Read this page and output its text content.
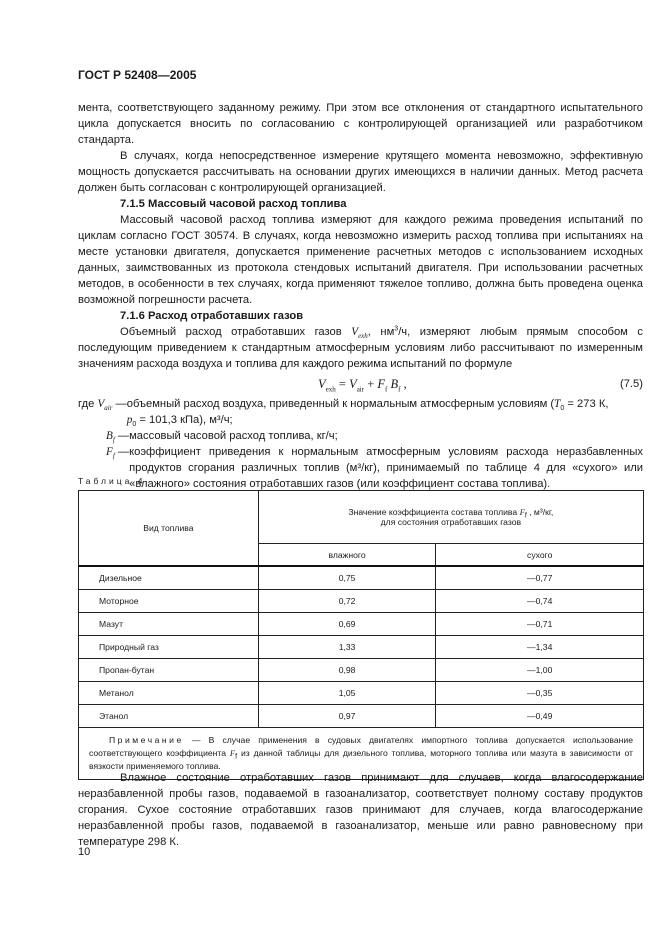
ГОСТ Р 52408—2005

мента, соответствующего заданному режиму. При этом все отклонения от стандартного испытательного цикла допускается вносить по согласованию с контролирующей организацией или разработчиком стандарта.

В случаях, когда непосредственное измерение крутящего момента невозможно, эффективную мощность допускается рассчитывать на основании других имеющихся в наличии данных. Метод расчета должен быть согласован с контролирующей организацией.

7.1.5 Массовый часовой расход топлива

Массовый часовой расход топлива измеряют для каждого режима проведения испытаний по циклам согласно ГОСТ 30574. В случаях, когда невозможно измерить расход топлива при испытаниях на месте установки двигателя, допускается применение расчетных методов с использованием исходных данных, заимствованных из протокола стендовых испытаний двигателя. При использовании расчетных методов, в особенности в тех случаях, когда применяют тяжелое топливо, должна быть проведена оценка возможной погрешности расчета.

7.1.6 Расход отработавших газов

Объемный расход отработавших газов $V_{exh}$, $нм^3/ч$, измеряют любым прямым способом с последующим приведением к стандартным атмосферным условиям либо рассчитывают по измеренным значениям расхода воздуха и топлива для каждого режима испытаний по формуле

$V_{exh} = V_{air} + F_f$ $B_f$ ,	(7.5)
где $V_{air}$ — объемный расход воздуха, приведенный к нормальным атмосферным условиям ($T_0 = 273$ К,
$p_0 = 101,3$ кПа), м³/ч;
$B_f$ — массовый часовой расход топлива, кг/ч;
$F_f$ — коэффициент приведения к нормальным атмосферным условиям расхода неразбавленных продуктов сгорания различных топлив (м³/кг), принимаемый по таблице 4 для «сухого» или «влажного» состояния отработавших газов (или коэффициент состава топлива).
Таблица 4
Вид топлива	Значение коэффициента состава топлива $F_f$ , м³/кг,
для состояния отработавших газов	
	влажного	сухого
Дизельное	0,75	—0,77
Моторное	0,72	—0,74
Мазут	0,69	—0,71
Природный газ	1,33	—1,34
Пропан-бутан	0,98	—1,00
Метанол	1,05	—0,35
Этанол	0,97	—0,49
Примечание — В случае применения в судовых двигателях импортного топлива допускается использование соответствующего коэффициента $F_f$ из данной таблицы для дизельного топлива, моторного топлива или мазута в зависимости от вязкости применяемого топлива.		

Влажное состояние отработавших газов принимают для случаев, когда влагосодержание неразбавленной пробы газов, подаваемой в газоанализатор, соответствует полному составу продуктов сгорания. Сухое состояние отработавших газов принимают для случаев, когда влагосодержание неразбавленной пробы газов, подаваемой в газоанализатор, меньше или равно равновесному при температуре 298 К.

10
